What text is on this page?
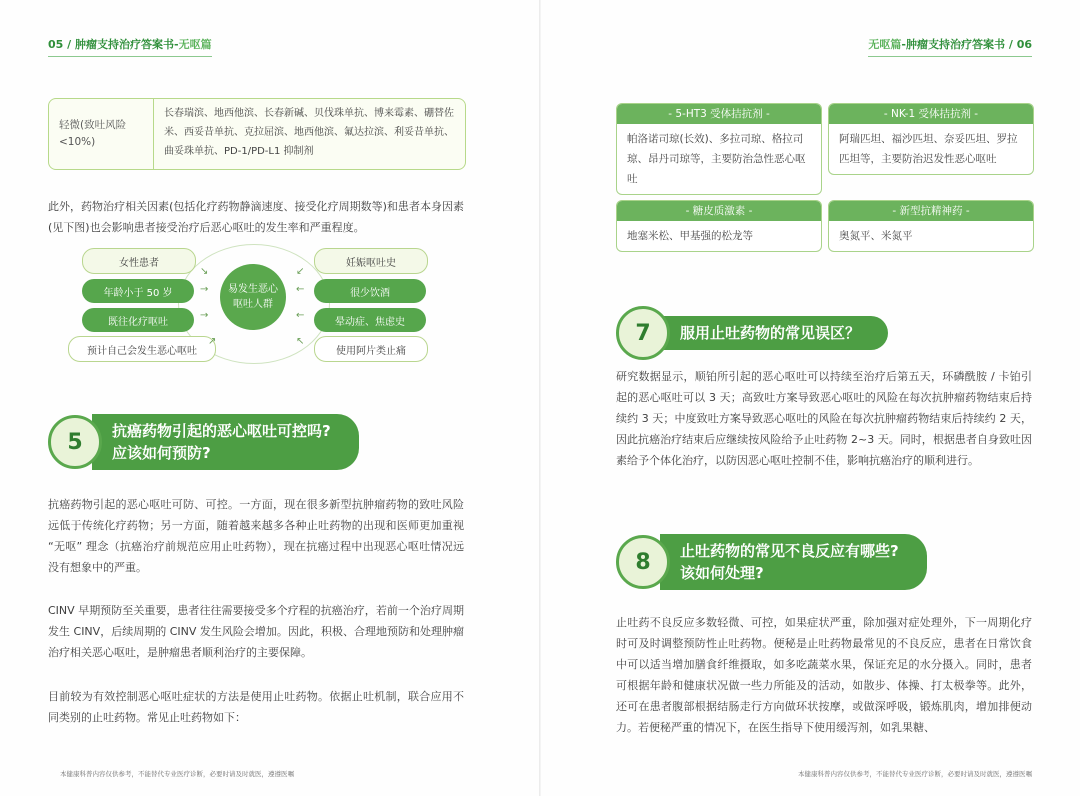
05 / 肿瘤支持治疗答案书-无呕篇
轻微(致吐风险<10%)
长春瑞滨、地西他滨、长春新碱、贝伐珠单抗、博来霉素、硼替佐米、西妥昔单抗、克拉屈滨、地西他滨、氟达拉滨、利妥昔单抗、曲妥珠单抗、PD-1/PD-L1 抑制剂

此外，药物治疗相关因素(包括化疗药物静滴速度、接受化疗周期数等)和患者本身因素(见下图)也会影响患者接受治疗后恶心呕吐的发生率和严重程度。

女性患者
年龄小于 50 岁
既往化疗呕吐
预计自己会发生恶心呕吐
↘
→
→
↗
易发生恶心呕吐人群
↙
←
←
↖
妊娠呕吐史
很少饮酒
晕动症、焦虑史
使用阿片类止痛
5	抗癌药物引起的恶心呕吐可控吗?
应该如何预防?

抗癌药物引起的恶心呕吐可防、可控。一方面，现在很多新型抗肿瘤药物的致吐风险远低于传统化疗药物；另一方面，随着越来越多各种止吐药物的出现和医师更加重视 “无呕” 理念（抗癌治疗前规范应用止吐药物），现在抗癌过程中出现恶心呕吐情况远没有想象中的严重。

CINV 早期预防至关重要，患者往往需要接受多个疗程的抗癌治疗，若前一个治疗周期发生 CINV，后续周期的 CINV 发生风险会增加。因此，积极、合理地预防和处理肿瘤治疗相关恶心呕吐，是肿瘤患者顺利治疗的主要保障。

目前较为有效控制恶心呕吐症状的方法是使用止吐药物。依据止吐机制，联合应用不同类别的止吐药物。常见止吐药物如下：

本健康科普内容仅供参考，不能替代专业医疗诊断，必要时请及时就医，遵遵医嘱
无呕篇-肿瘤支持治疗答案书 / 06
- 5-HT3 受体拮抗剂 -
帕洛诺司琼(长效)、多拉司琼、格拉司琼、昂丹司琼等，主要防治急性恶心呕吐
- NK-1 受体拮抗剂 -
阿瑞匹坦、福沙匹坦、奈妥匹坦、罗拉匹坦等，主要防治迟发性恶心呕吐
- 糖皮质激素 -
地塞米松、甲基强的松龙等
- 新型抗精神药 -
奥氮平、米氮平
7	服用止吐药物的常见误区？

研究数据显示，顺铂所引起的恶心呕吐可以持续至治疗后第五天，环磷酰胺 / 卡铂引起的恶心呕吐可以 3 天；高致吐方案导致恶心呕吐的风险在每次抗肿瘤药物结束后持续约 3 天；中度致吐方案导致恶心呕吐的风险在每次抗肿瘤药物结束后持续约 2 天，因此抗癌治疗结束后应继续按风险给予止吐药物 2~3 天。同时，根据患者自身致吐因素给予个体化治疗，以防因恶心呕吐控制不佳，影响抗癌治疗的顺利进行。

8	止吐药物的常见不良反应有哪些?
该如何处理?

止吐药不良反应多数轻微、可控，如果症状严重，除加强对症处理外，下一周期化疗时可及时调整预防性止吐药物。便秘是止吐药物最常见的不良反应，患者在日常饮食中可以适当增加膳食纤维摄取，如多吃蔬菜水果，保证充足的水分摄入。同时，患者可根据年龄和健康状况做一些力所能及的活动，如散步、体操、打太极拳等。此外，还可在患者腹部根据结肠走行方向做环状按摩，或做深呼吸，锻炼肌肉，增加排便动力。若便秘严重的情况下，在医生指导下使用缓泻剂，如乳果糖、

本健康科普内容仅供参考，不能替代专业医疗诊断，必要时请及时就医，遵遵医嘱
